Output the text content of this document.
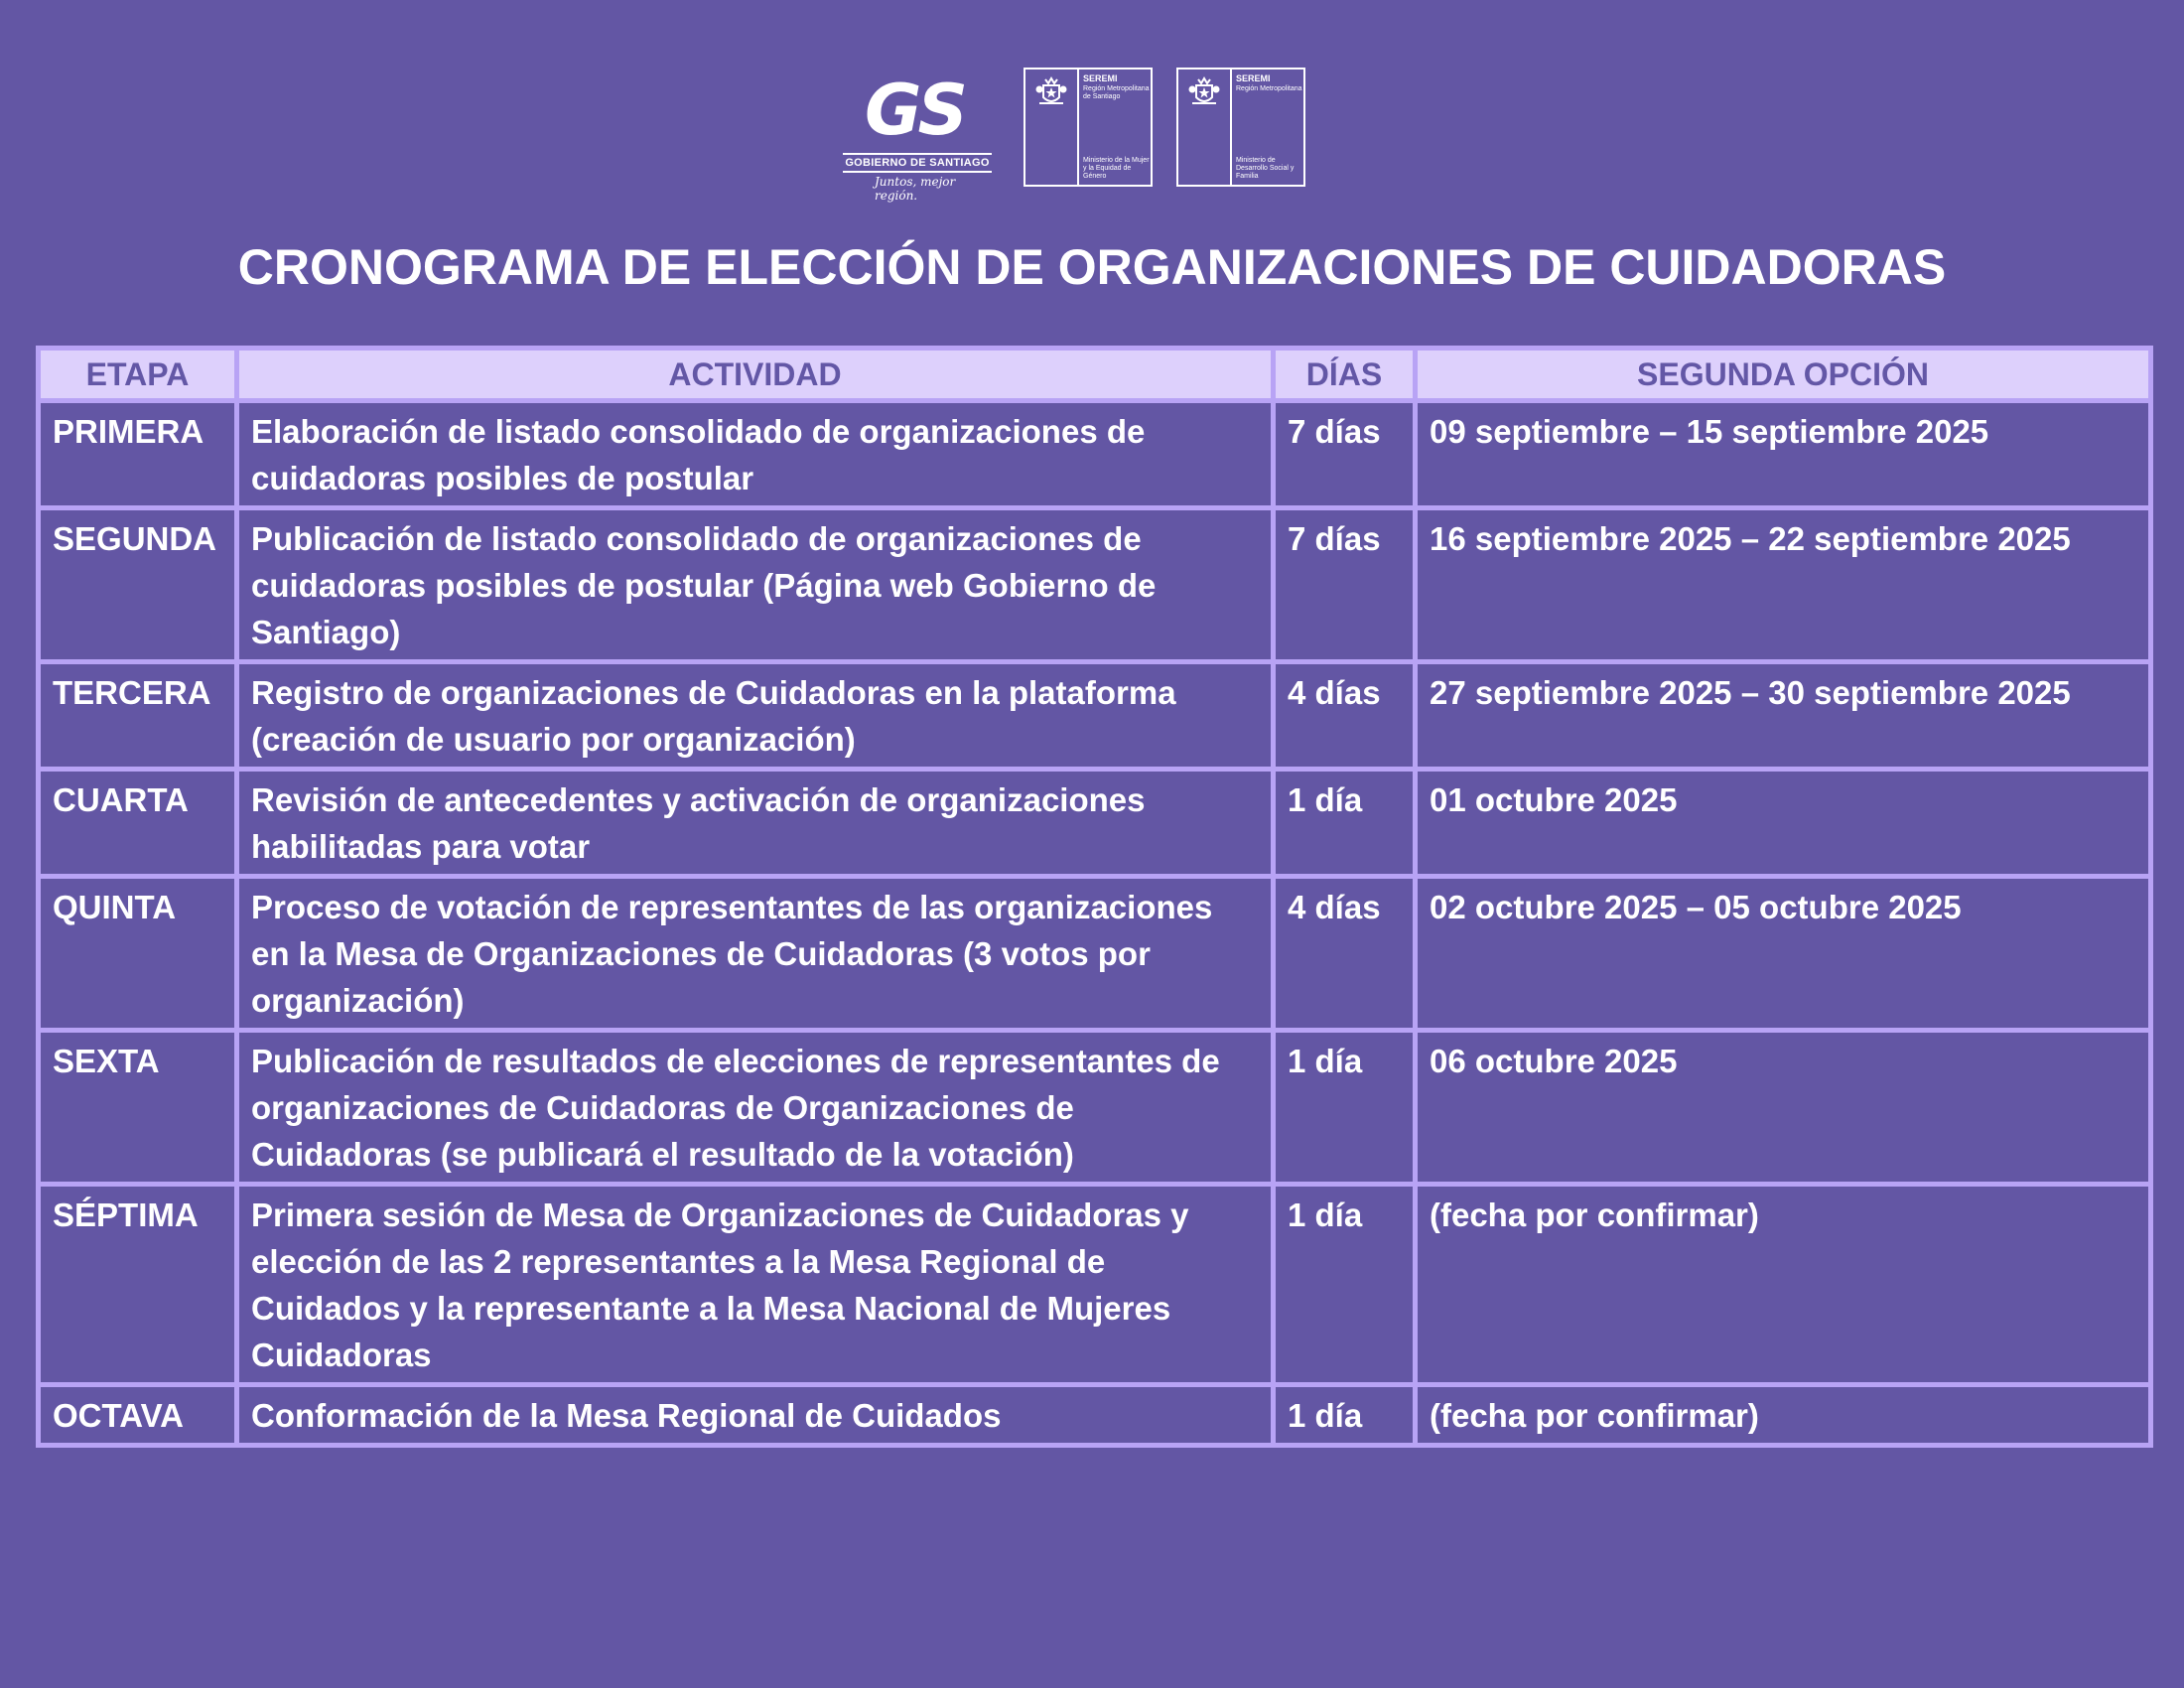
GS
GOBIERNO DE SANTIAGO
Juntos, mejor región.
SEREMI
Región Metropolitana de Santiago
Ministerio de la Mujer y la Equidad de Género
SEREMI
Región Metropolitana
Ministerio de Desarrollo Social y Familia
CRONOGRAMA DE ELECCIÓN DE ORGANIZACIONES DE CUIDADORAS
ETAPA	ACTIVIDAD	DÍAS	SEGUNDA OPCIÓN
PRIMERA	Elaboración de listado consolidado de organizaciones de cuidadoras posibles de postular	7 días	09 septiembre – 15 septiembre 2025
SEGUNDA	Publicación de listado consolidado de organizaciones de cuidadoras posibles de postular (Página web Gobierno de Santiago)	7 días	16 septiembre 2025 – 22 septiembre 2025
TERCERA	Registro de organizaciones de Cuidadoras en la plataforma (creación de usuario por organización)	4 días	27 septiembre 2025 – 30 septiembre 2025
CUARTA	Revisión de antecedentes y activación de organizaciones habilitadas para votar	1 día	01 octubre 2025
QUINTA	Proceso de votación de representantes de las organizaciones en la Mesa de Organizaciones de Cuidadoras (3 votos por organización)	4 días	02 octubre 2025 – 05 octubre 2025
SEXTA	Publicación de resultados de elecciones de representantes de organizaciones de Cuidadoras de Organizaciones de Cuidadoras (se publicará el resultado de la votación)	1 día	06 octubre 2025
SÉPTIMA	Primera sesión de Mesa de Organizaciones de Cuidadoras y elección de las 2 representantes a la Mesa Regional de Cuidados y la representante a la Mesa Nacional de Mujeres Cuidadoras	1 día	(fecha por confirmar)
OCTAVA	Conformación de la Mesa Regional de Cuidados	1 día	(fecha por confirmar)
